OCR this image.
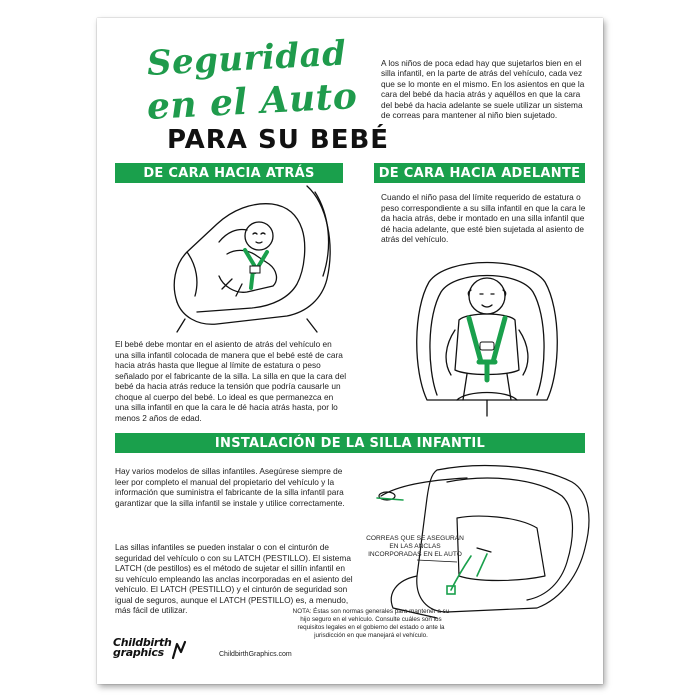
Seguridad
en el Auto
PARA SU BEBÉ
A los niños de poca edad hay que sujetarlos bien en el silla infantil, en la parte de atrás del vehículo, cada vez que se lo monte en el mismo. En los asientos en que la cara del bebé da hacia atrás y aquéllos en que la cara del bebé da hacia adelante se suele utilizar un sistema de correas para mantener al niño bien sujetado.
DE CARA HACIA ATRÁS	DE CARA HACIA ADELANTE
El bebé debe montar en el asiento de atrás del vehículo en una silla infantil colocada de manera que el bebé esté de cara hacia atrás hasta que llegue al límite de estatura o peso señalado por el fabricante de la silla. La silla en que la cara del bebé da hacia atrás reduce la tensión que podría causarle un choque al cuerpo del bebé. Lo ideal es que permanezca en una silla infantil en que la cara le dé hacia atrás hasta, por lo menos 2 años de edad.
Cuando el niño pasa del límite requerido de estatura o peso correspondiente a su silla infantil en que la cara le da hacia atrás, debe ir montado en una silla infantil que dé hacia adelante, que esté bien sujetada al asiento de atrás del vehículo.
INSTALACIÓN DE LA SILLA INFANTIL
Hay varios modelos de sillas infantiles. Asegúrese siempre de leer por completo el manual del propietario del vehículo y la información que suministra el fabricante de la silla infantil para garantizar que la silla infantil se instale y utilice correctamente.
Las sillas infantiles se pueden instalar o con el cinturón de seguridad del vehículo o con su LATCH (PESTILLO). El sistema LATCH (de pestillos) es el método de sujetar el sillín infantil en su vehículo empleando las anclas incorporadas en el asiento del vehículo. El LATCH (PESTILLO) y el cinturón de seguridad son igual de seguros, aunque el LATCH (PESTILLO) es, a menudo, más fácil de utilizar.
CORREAS QUE SE ASEGURAN EN LAS ANCLAS INCORPORADAS EN EL AUTO
NOTA: Éstas son normas generales para mantener a su hijo seguro en el vehículo. Consulte cuáles son los requisitos legales en el gobierno del estado o ante la jurisdicción en que manejará el vehículo.
Childbirth
graphics	ChildbirthGraphics.com
